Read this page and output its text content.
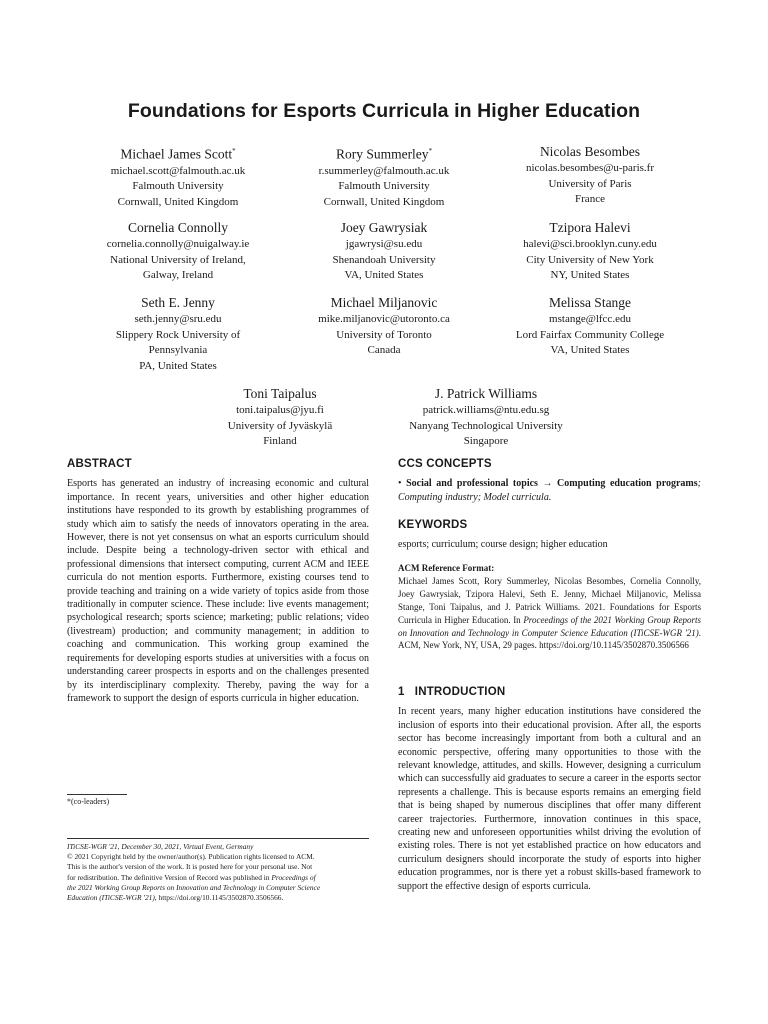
Foundations for Esports Curricula in Higher Education
Michael James Scott*
michael.scott@falmouth.ac.uk
Falmouth University
Cornwall, United Kingdom
Rory Summerley*
r.summerley@falmouth.ac.uk
Falmouth University
Cornwall, United Kingdom
Nicolas Besombes
nicolas.besombes@u-paris.fr
University of Paris
France
Cornelia Connolly
cornelia.connolly@nuigalway.ie
National University of Ireland,
Galway, Ireland
Joey Gawrysiak
jgawrysi@su.edu
Shenandoah University
VA, United States
Tzipora Halevi
halevi@sci.brooklyn.cuny.edu
City University of New York
NY, United States
Seth E. Jenny
seth.jenny@sru.edu
Slippery Rock University of
Pennsylvania
PA, United States
Michael Miljanovic
mike.miljanovic@utoronto.ca
University of Toronto
Canada
Melissa Stange
mstange@lfcc.edu
Lord Fairfax Community College
VA, United States
Toni Taipalus
toni.taipalus@jyu.fi
University of Jyväskylä
Finland
J. Patrick Williams
patrick.williams@ntu.edu.sg
Nanyang Technological University
Singapore
ABSTRACT

Esports has generated an industry of increasing economic and cultural importance. In recent years, universities and other higher education institutions have responded to its growth by establishing programmes of study which aim to satisfy the needs of innovators operating in the area. However, there is not yet consensus on what an esports curriculum should include. Despite being a technology-driven sector with ethical and professional dimensions that intersect computing, current ACM and IEEE curricula do not mention esports. Furthermore, existing courses tend to provide teaching and training on a wide variety of topics aside from those traditionally in computer science. These include: live events management; psychological research; sports science; marketing; public relations; video (livestream) production; and community management; in addition to coaching and communication. This working group examined the requirements for developing esports studies at universities with a focus on understanding career prospects in esports and on the challenges presented by its interdisciplinary complexity. Thereby, paving the way for a framework to support the design of esports curricula in higher education.

*(co-leaders)
ITiCSE-WGR '21, December 30, 2021, Virtual Event, Germany
© 2021 Copyright held by the owner/author(s). Publication rights licensed to ACM.
This is the author's version of the work. It is posted here for your personal use. Not
for redistribution. The definitive Version of Record was published in Proceedings of
the 2021 Working Group Reports on Innovation and Technology in Computer Science
Education (ITiCSE-WGR '21), https://doi.org/10.1145/3502870.3506566.
CCS CONCEPTS

• Social and professional topics → Computing education programs; Computing industry; Model curricula.

KEYWORDS

esports; curriculum; course design; higher education

ACM Reference Format:

Michael James Scott, Rory Summerley, Nicolas Besombes, Cornelia Connolly, Joey Gawrysiak, Tzipora Halevi, Seth E. Jenny, Michael Miljanovic, Melissa Stange, Toni Taipalus, and J. Patrick Williams. 2021. Foundations for Esports Curricula in Higher Education. In Proceedings of the 2021 Working Group Reports on Innovation and Technology in Computer Science Education (ITiCSE-WGR '21). ACM, New York, NY, USA, 29 pages. https://doi.org/10.1145/3502870.3506566

1 INTRODUCTION

In recent years, many higher education institutions have considered the inclusion of esports into their educational provision. After all, the esports sector has become increasingly important from both a cultural and an economic perspective, offering many opportunities to those with the relevant knowledge, attitudes, and skills. However, designing a curriculum which can successfully aid graduates to secure a career in the esports sector represents a challenge. This is because esports remains an emerging field that is being shaped by numerous disciplines that offer many different career trajectories. Furthermore, innovation continues in this space, creating new and unforeseen opportunities whilst driving the evolution of existing roles. There is not yet established practice on how educators and curriculum designers should incorporate the study of esports into higher education programmes, nor is there yet a robust skills-based framework to support the effective design of esports curricula.
